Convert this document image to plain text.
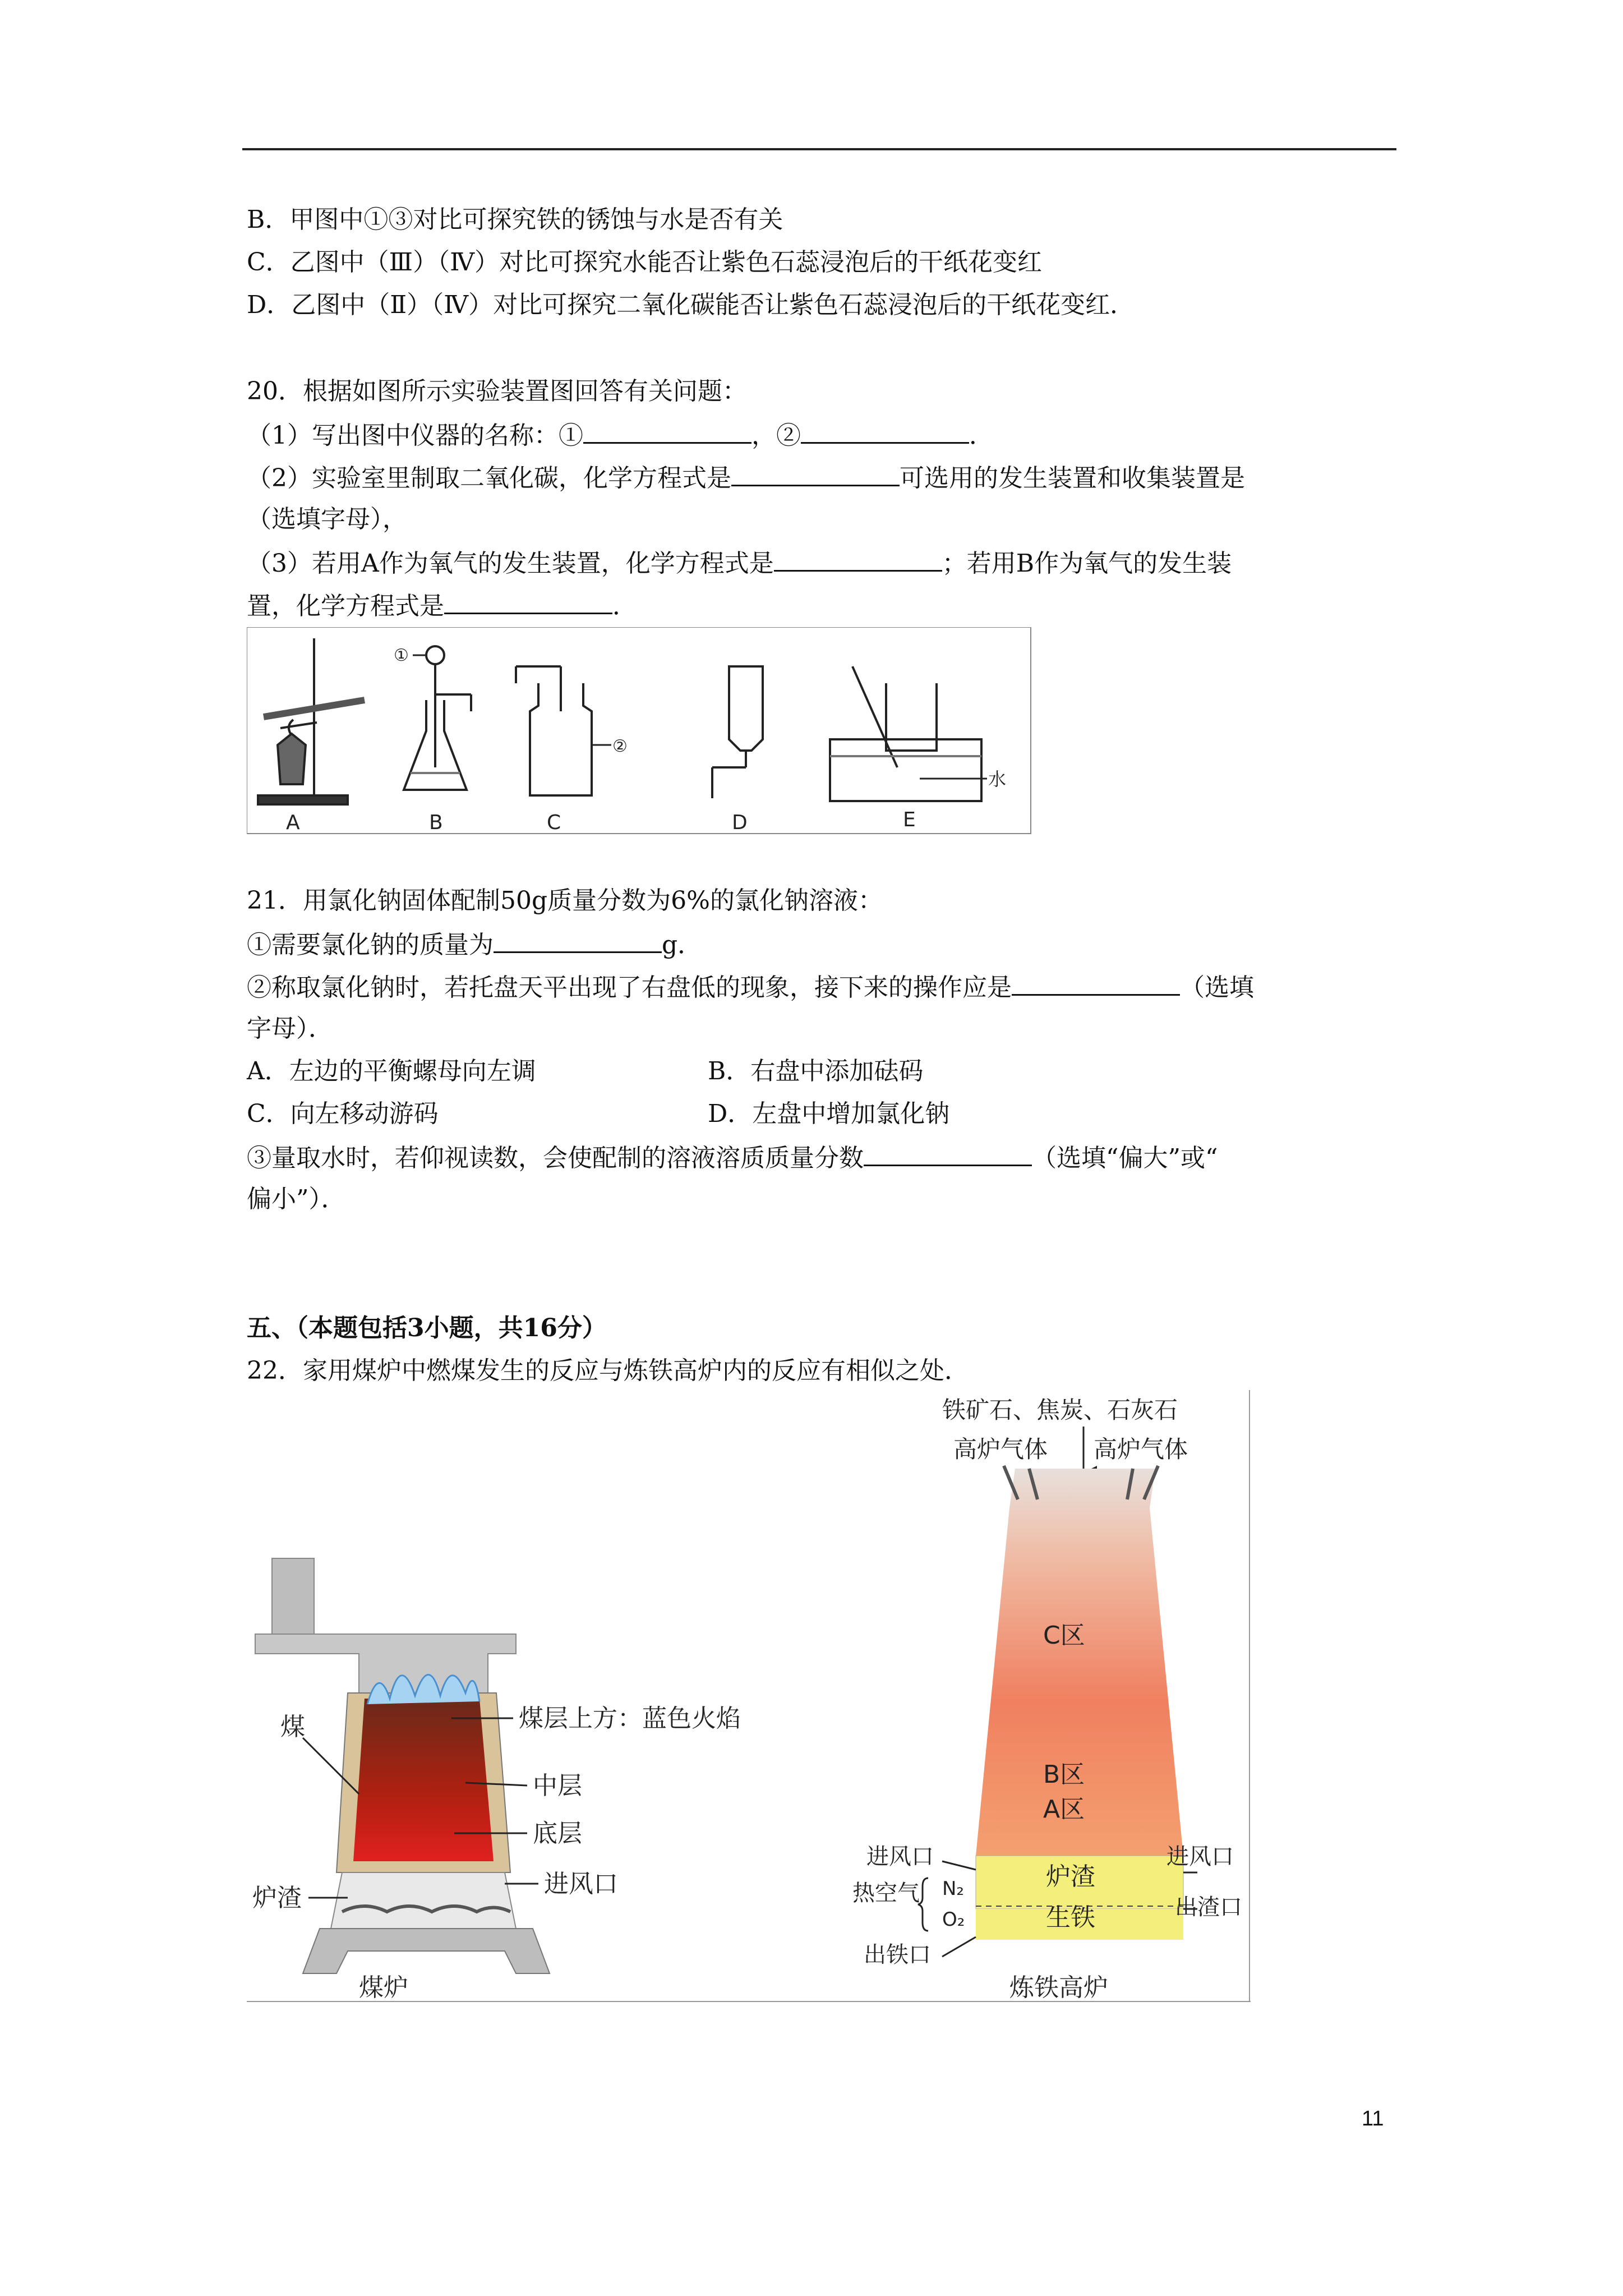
B．甲图中①③对比可探究铁的锈蚀与水是否有关
C．乙图中（Ⅲ）（Ⅳ）对比可探究水能否让紫色石蕊浸泡后的干纸花变红
D．乙图中（Ⅱ）（Ⅳ）对比可探究二氧化碳能否让紫色石蕊浸泡后的干纸花变红．
20．根据如图所示实验装置图回答有关问题：
（1）写出图中仪器的名称：①	，②	．
（2）实验室里制取二氧化碳，化学方程式是	可选用的发生装置和收集装置是
（选填字母），
（3）若用A作为氧气的发生装置，化学方程式是	；若用B作为氧气的发生装
置，化学方程式是	．
A
①
B
②
C	D
水
E
21．用氯化钠固体配制50g质量分数为6%的氯化钠溶液：
①需要氯化钠的质量为	g．
②称取氯化钠时，若托盘天平出现了右盘低的现象，接下来的操作应是	（选填
字母）．
A．左边的平衡螺母向左调	B．右盘中添加砝码
C．向左移动游码	D．左盘中增加氯化钠
③量取水时，若仰视读数，会使配制的溶液溶质质量分数	（选填“偏大”或“
偏小”）．
五、（本题包括3小题，共16分）
22．家用煤炉中燃煤发生的反应与炼铁高炉内的反应有相似之处．
煤	煤层上方：蓝色火焰
中层
底层
进风口
炉渣
煤炉
铁矿石、焦炭、石灰石
高炉气体 高炉气体
C区
B区
A区
炉渣
生铁
进风口
热空气 N₂
O₂
出铁口
进风口
出渣口
炼铁高炉
11
